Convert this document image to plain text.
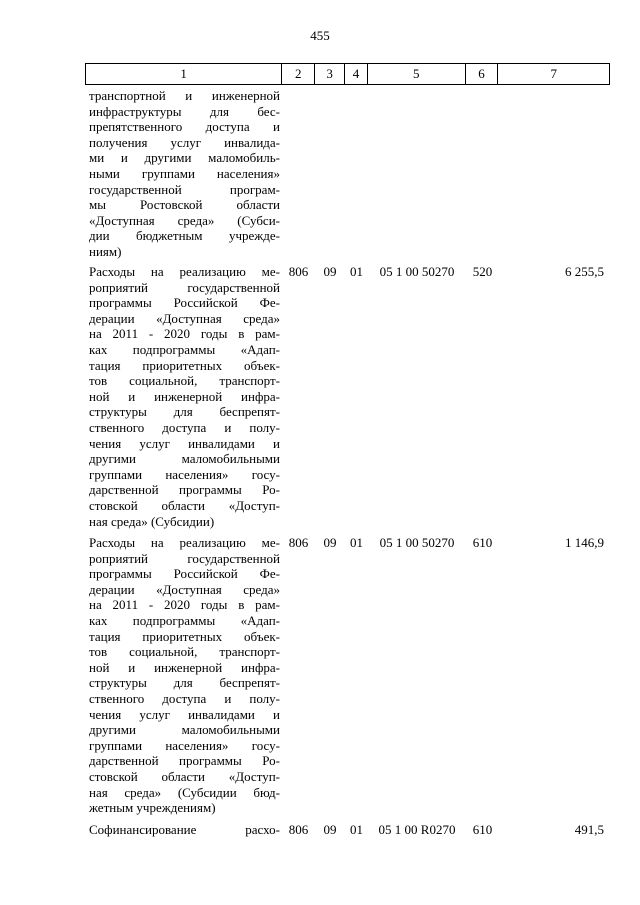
455
1	2	3	4	5	6	7
транспортной и инженерной
инфраструктуры для бес-
препятственного доступа и
получения услуг инвалида-
ми и другими маломобиль-
ными группами населения»
государственной програм-
мы Ростовской области
«Доступная среда» (Субси-
дии бюджетным учрежде-
ниям)
Расходы на реализацию ме-
роприятий государственной
программы Российской Фе-
дерации «Доступная среда»
на 2011 - 2020 годы в рам-
ках подпрограммы «Адап-
тация приоритетных объек-
тов социальной, транспорт-
ной и инженерной инфра-
структуры для беспрепят-
ственного доступа и полу-
чения услуг инвалидами и
другими маломобильными
группами населения» госу-
дарственной программы Ро-
стовской области «Доступ-
ная среда» (Субсидии)
806	09	01	05 1 00 50270	520	6 255,5
Расходы на реализацию ме-
роприятий государственной
программы Российской Фе-
дерации «Доступная среда»
на 2011 - 2020 годы в рам-
ках подпрограммы «Адап-
тация приоритетных объек-
тов социальной, транспорт-
ной и инженерной инфра-
структуры для беспрепят-
ственного доступа и полу-
чения услуг инвалидами и
другими маломобильными
группами населения» госу-
дарственной программы Ро-
стовской области «Доступ-
ная среда» (Субсидии бюд-
жетным учреждениям)
806	09	01	05 1 00 50270	610	1 146,9
Софинансирование расхо- 806	09	01	05 1 00 R0270	610	491,5
